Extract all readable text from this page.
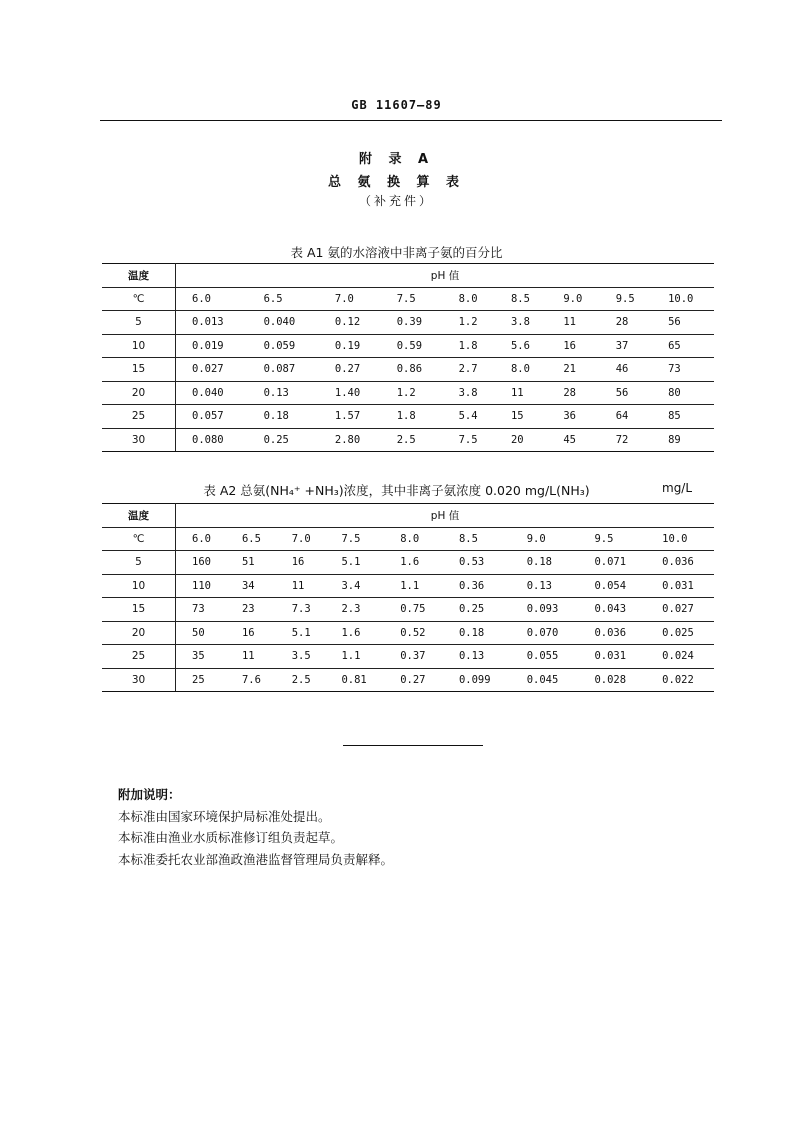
GB 11607—89
附 录 A
总 氨 换 算 表
（补充件）
表 A1 氨的水溶液中非离子氨的百分比
温度	pH 值								
℃	6.0	6.5	7.0	7.5	8.0	8.5	9.0	9.5	10.0
5	0.013	0.040	0.12	0.39	1.2	3.8	11	28	56
10	0.019	0.059	0.19	0.59	1.8	5.6	16	37	65
15	0.027	0.087	0.27	0.86	2.7	8.0	21	46	73
20	0.040	0.13	1.40	1.2	3.8	11	28	56	80
25	0.057	0.18	1.57	1.8	5.4	15	36	64	85
30	0.080	0.25	2.80	2.5	7.5	20	45	72	89
表 A2 总氨(NH₄⁺ +NH₃)浓度，其中非离子氨浓度 0.020 mg/L(NH₃)	mg/L
温度	pH 值								
℃	6.0	6.5	7.0	7.5	8.0	8.5	9.0	9.5	10.0
5	160	51	16	5.1	1.6	0.53	0.18	0.071	0.036
10	110	34	11	3.4	1.1	0.36	0.13	0.054	0.031
15	73	23	7.3	2.3	0.75	0.25	0.093	0.043	0.027
20	50	16	5.1	1.6	0.52	0.18	0.070	0.036	0.025
25	35	11	3.5	1.1	0.37	0.13	0.055	0.031	0.024
30	25	7.6	2.5	0.81	0.27	0.099	0.045	0.028	0.022
附加说明：
本标准由国家环境保护局标准处提出。
本标准由渔业水质标准修订组负责起草。
本标准委托农业部渔政渔港监督管理局负责解释。
